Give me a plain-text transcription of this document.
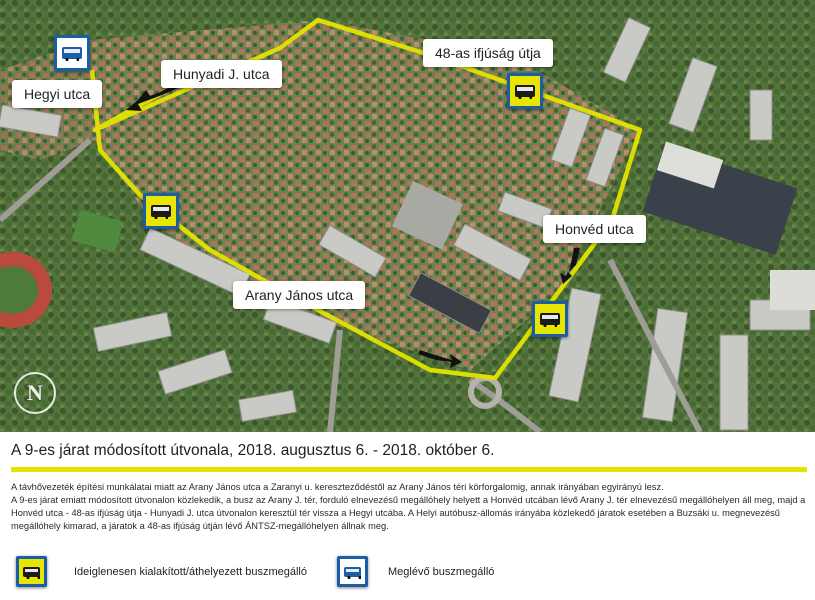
Hunyadi J. utca
Hegyi utca
48-as ifjúság útja
Honvéd utca
Arany János utca
N
A 9-es járat módosított útvonala, 2018. augusztus 6. - 2018. október 6.

A távhővezeték építési munkálatai miatt az Arany János utca a Zaranyi u. kereszteződéstől az Arany János téri körforgalomig, annak irányában egyirányú lesz.

A 9-es járat emiatt módosított útvonalon közlekedik, a busz az Arany J. tér, forduló elnevezésű megállóhely helyett a Honvéd utcában lévő Arany J. tér elnevezésű megállóhelyen áll meg, majd a Honvéd utca - 48-as ifjúság útja - Hunyadi J. utca útvonalon keresztül tér vissza a Hegyi utcába. A Helyi autóbusz-állomás irányába közlekedő járatok esetében a Buzsáki u. megnevezésű megállóhely kimarad, a járatok a 48-as ifjúság útján lévő ÁNTSZ-megállóhelyen állnak meg.

Ideiglenesen kialakított/áthelyezett buszmegálló	Meglévő buszmegálló
